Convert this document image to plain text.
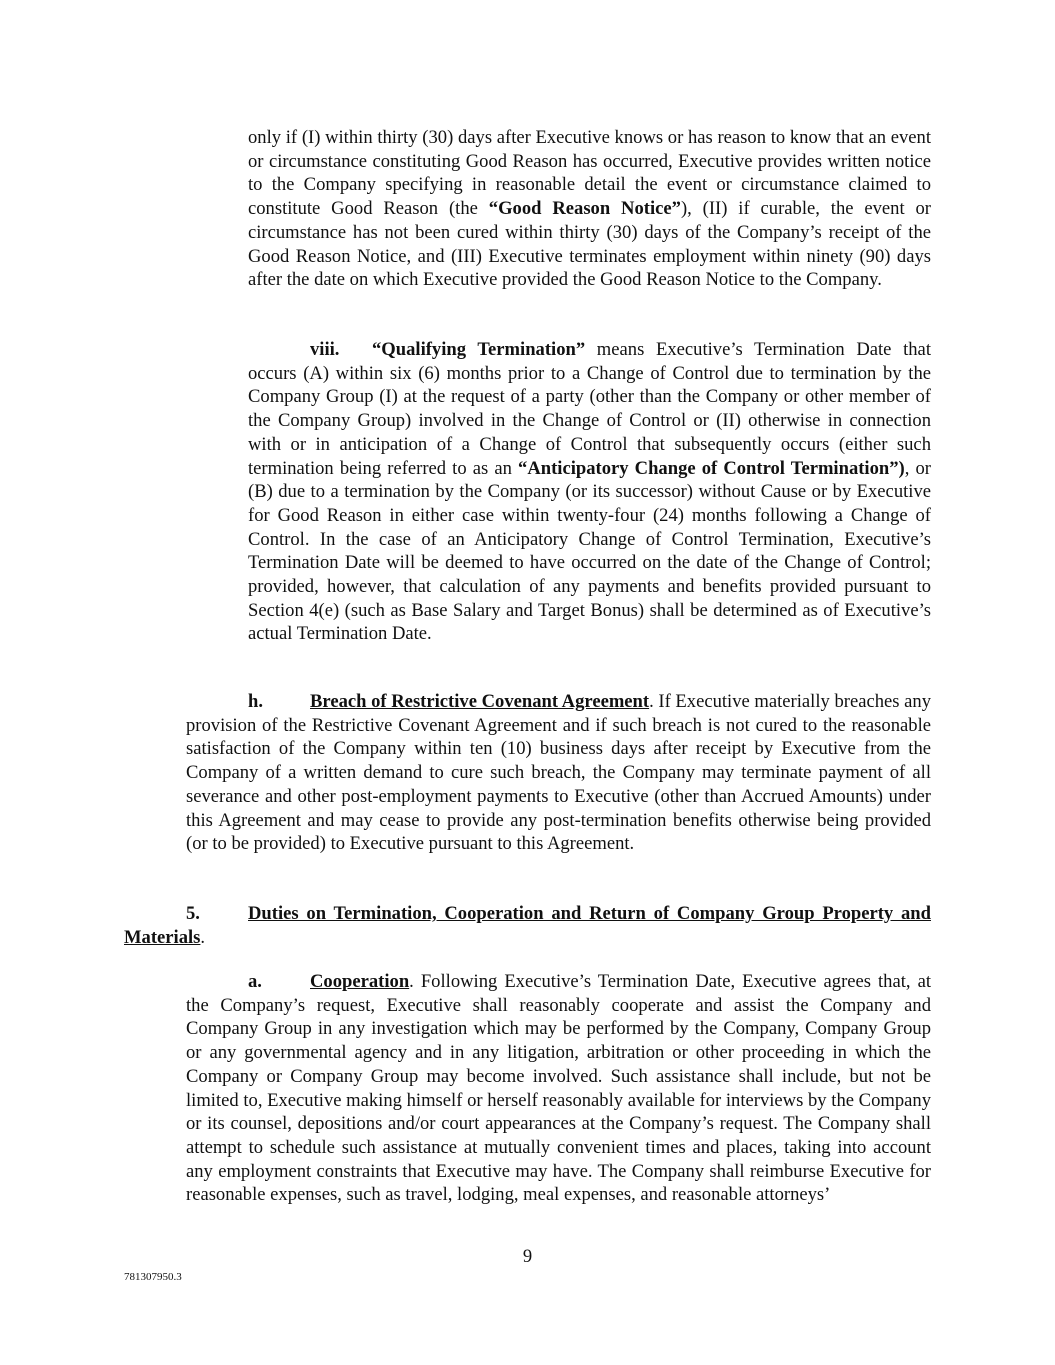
only if (I) within thirty (30) days after Executive knows or has reason to know that an event or circumstance constituting Good Reason has occurred, Executive provides written notice to the Company specifying in reasonable detail the event or circumstance claimed to constitute Good Reason (the “Good Reason Notice”), (II) if curable, the event or circumstance has not been cured within thirty (30) days of the Company’s receipt of the Good Reason Notice, and (III) Executive terminates employment within ninety (90) days after the date on which Executive provided the Good Reason Notice to the Company.

viii. “Qualifying Termination” means Executive’s Termination Date that occurs (A) within six (6) months prior to a Change of Control due to termination by the Company Group (I) at the request of a party (other than the Company or other member of the Company Group) involved in the Change of Control or (II) otherwise in connection with or in anticipation of a Change of Control that subsequently occurs (either such termination being referred to as an “Anticipatory Change of Control Termination”), or (B) due to a termination by the Company (or its successor) without Cause or by Executive for Good Reason in either case within twenty-four (24) months following a Change of Control. In the case of an Anticipatory Change of Control Termination, Executive’s Termination Date will be deemed to have occurred on the date of the Change of Control; provided, however, that calculation of any payments and benefits provided pursuant to Section 4(e) (such as Base Salary and Target Bonus) shall be determined as of Executive’s actual Termination Date.

h.	Breach of Restrictive Covenant Agreement. If Executive materially breaches any provision of the Restrictive Covenant Agreement and if such breach is not cured to the reasonable satisfaction of the Company within ten (10) business days after receipt by Executive from the Company of a written demand to cure such breach, the Company may terminate payment of all severance and other post-employment payments to Executive (other than Accrued Amounts) under this Agreement and may cease to provide any post-termination benefits otherwise being provided (or to be provided) to Executive pursuant to this Agreement.

5.	Duties on Termination, Cooperation and Return of Company Group Property and Materials.

a.	Cooperation. Following Executive’s Termination Date, Executive agrees that, at the Company’s request, Executive shall reasonably cooperate and assist the Company and Company Group in any investigation which may be performed by the Company, Company Group or any governmental agency and in any litigation, arbitration or other proceeding in which the Company or Company Group may become involved. Such assistance shall include, but not be limited to, Executive making himself or herself reasonably available for interviews by the Company or its counsel, depositions and/or court appearances at the Company’s request. The Company shall attempt to schedule such assistance at mutually convenient times and places, taking into account any employment constraints that Executive may have. The Company shall reimburse Executive for reasonable expenses, such as travel, lodging, meal expenses, and reasonable attorneys’

9
781307950.3
